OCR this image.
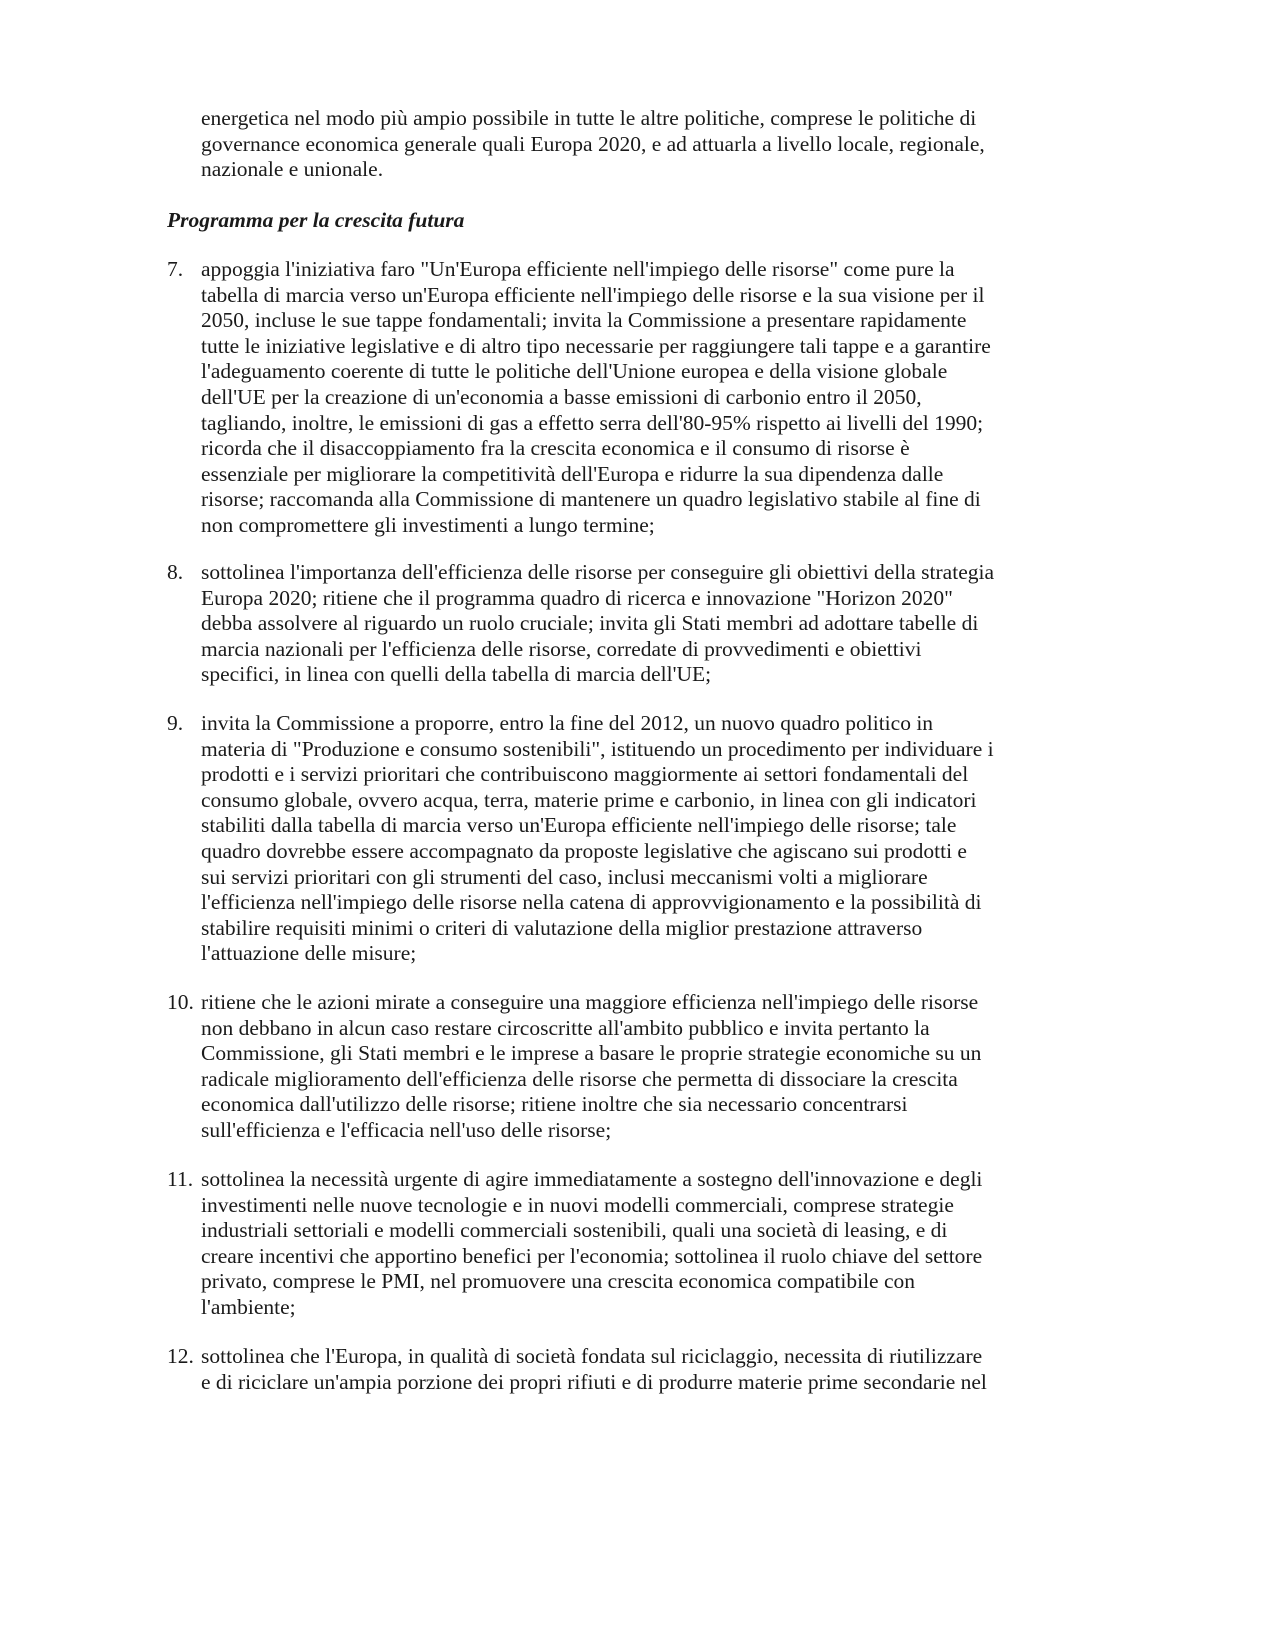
energetica nel modo più ampio possibile in tutte le altre politiche, comprese le politiche di
governance economica generale quali Europa 2020, e ad attuarla a livello locale, regionale,
nazionale e unionale.
Programma per la crescita futura
7. appoggia l'iniziativa faro "Un'Europa efficiente nell'impiego delle risorse" come pure la
tabella di marcia verso un'Europa efficiente nell'impiego delle risorse e la sua visione per il
2050, incluse le sue tappe fondamentali; invita la Commissione a presentare rapidamente
tutte le iniziative legislative e di altro tipo necessarie per raggiungere tali tappe e a garantire
l'adeguamento coerente di tutte le politiche dell'Unione europea e della visione globale
dell'UE per la creazione di un'economia a basse emissioni di carbonio entro il 2050,
tagliando, inoltre, le emissioni di gas a effetto serra dell'80-95% rispetto ai livelli del 1990;
ricorda che il disaccoppiamento fra la crescita economica e il consumo di risorse è
essenziale per migliorare la competitività dell'Europa e ridurre la sua dipendenza dalle
risorse; raccomanda alla Commissione di mantenere un quadro legislativo stabile al fine di
non compromettere gli investimenti a lungo termine;
8. sottolinea l'importanza dell'efficienza delle risorse per conseguire gli obiettivi della strategia
Europa 2020; ritiene che il programma quadro di ricerca e innovazione "Horizon 2020"
debba assolvere al riguardo un ruolo cruciale; invita gli Stati membri ad adottare tabelle di
marcia nazionali per l'efficienza delle risorse, corredate di provvedimenti e obiettivi
specifici, in linea con quelli della tabella di marcia dell'UE;
9. invita la Commissione a proporre, entro la fine del 2012, un nuovo quadro politico in
materia di "Produzione e consumo sostenibili", istituendo un procedimento per individuare i
prodotti e i servizi prioritari che contribuiscono maggiormente ai settori fondamentali del
consumo globale, ovvero acqua, terra, materie prime e carbonio, in linea con gli indicatori
stabiliti dalla tabella di marcia verso un'Europa efficiente nell'impiego delle risorse; tale
quadro dovrebbe essere accompagnato da proposte legislative che agiscano sui prodotti e
sui servizi prioritari con gli strumenti del caso, inclusi meccanismi volti a migliorare
l'efficienza nell'impiego delle risorse nella catena di approvvigionamento e la possibilità di
stabilire requisiti minimi o criteri di valutazione della miglior prestazione attraverso
l'attuazione delle misure;
10. ritiene che le azioni mirate a conseguire una maggiore efficienza nell'impiego delle risorse
non debbano in alcun caso restare circoscritte all'ambito pubblico e invita pertanto la
Commissione, gli Stati membri e le imprese a basare le proprie strategie economiche su un
radicale miglioramento dell'efficienza delle risorse che permetta di dissociare la crescita
economica dall'utilizzo delle risorse; ritiene inoltre che sia necessario concentrarsi
sull'efficienza e l'efficacia nell'uso delle risorse;
11. sottolinea la necessità urgente di agire immediatamente a sostegno dell'innovazione e degli
investimenti nelle nuove tecnologie e in nuovi modelli commerciali, comprese strategie
industriali settoriali e modelli commerciali sostenibili, quali una società di leasing, e di
creare incentivi che apportino benefici per l'economia; sottolinea il ruolo chiave del settore
privato, comprese le PMI, nel promuovere una crescita economica compatibile con
l'ambiente;
12. sottolinea che l'Europa, in qualità di società fondata sul riciclaggio, necessita di riutilizzare
e di riciclare un'ampia porzione dei propri rifiuti e di produrre materie prime secondarie nel
